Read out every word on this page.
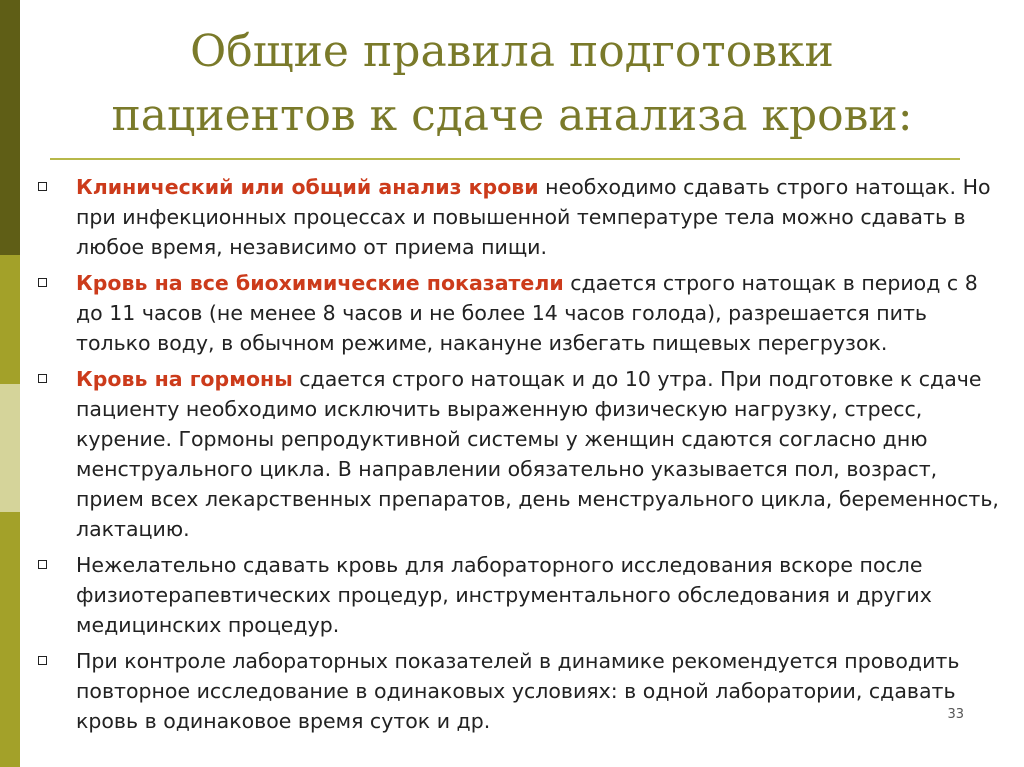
Общие правила подготовки
пациентов к сдаче анализа крови:
Клинический или общий анализ крови необходимо сдавать строго натощак. Но при инфекционных процессах и повышенной температуре тела можно сдавать в любое время, независимо от приема пищи.
Кровь на все биохимические показатели сдается строго натощак в период с 8 до 11 часов (не менее 8 часов и не более 14 часов голода), разрешается пить только воду, в обычном режиме, накануне избегать пищевых перегрузок.
Кровь на гормоны сдается строго натощак и до 10 утра. При подготовке к сдаче пациенту необходимо исключить выраженную физическую нагрузку, стресс, курение. Гормоны репродуктивной системы у женщин сдаются согласно дню менструального цикла. В направлении обязательно указывается пол, возраст, прием всех лекарственных препаратов, день менструального цикла, беременность, лактацию.
Нежелательно сдавать кровь для лабораторного исследования вскоре после физиотерапевтических процедур, инструментального обследования и других медицинских процедур.
При контроле лабораторных показателей в динамике рекомендуется проводить повторное исследование в одинаковых условиях: в одной лаборатории, сдавать кровь в одинаковое время суток и др.	33
